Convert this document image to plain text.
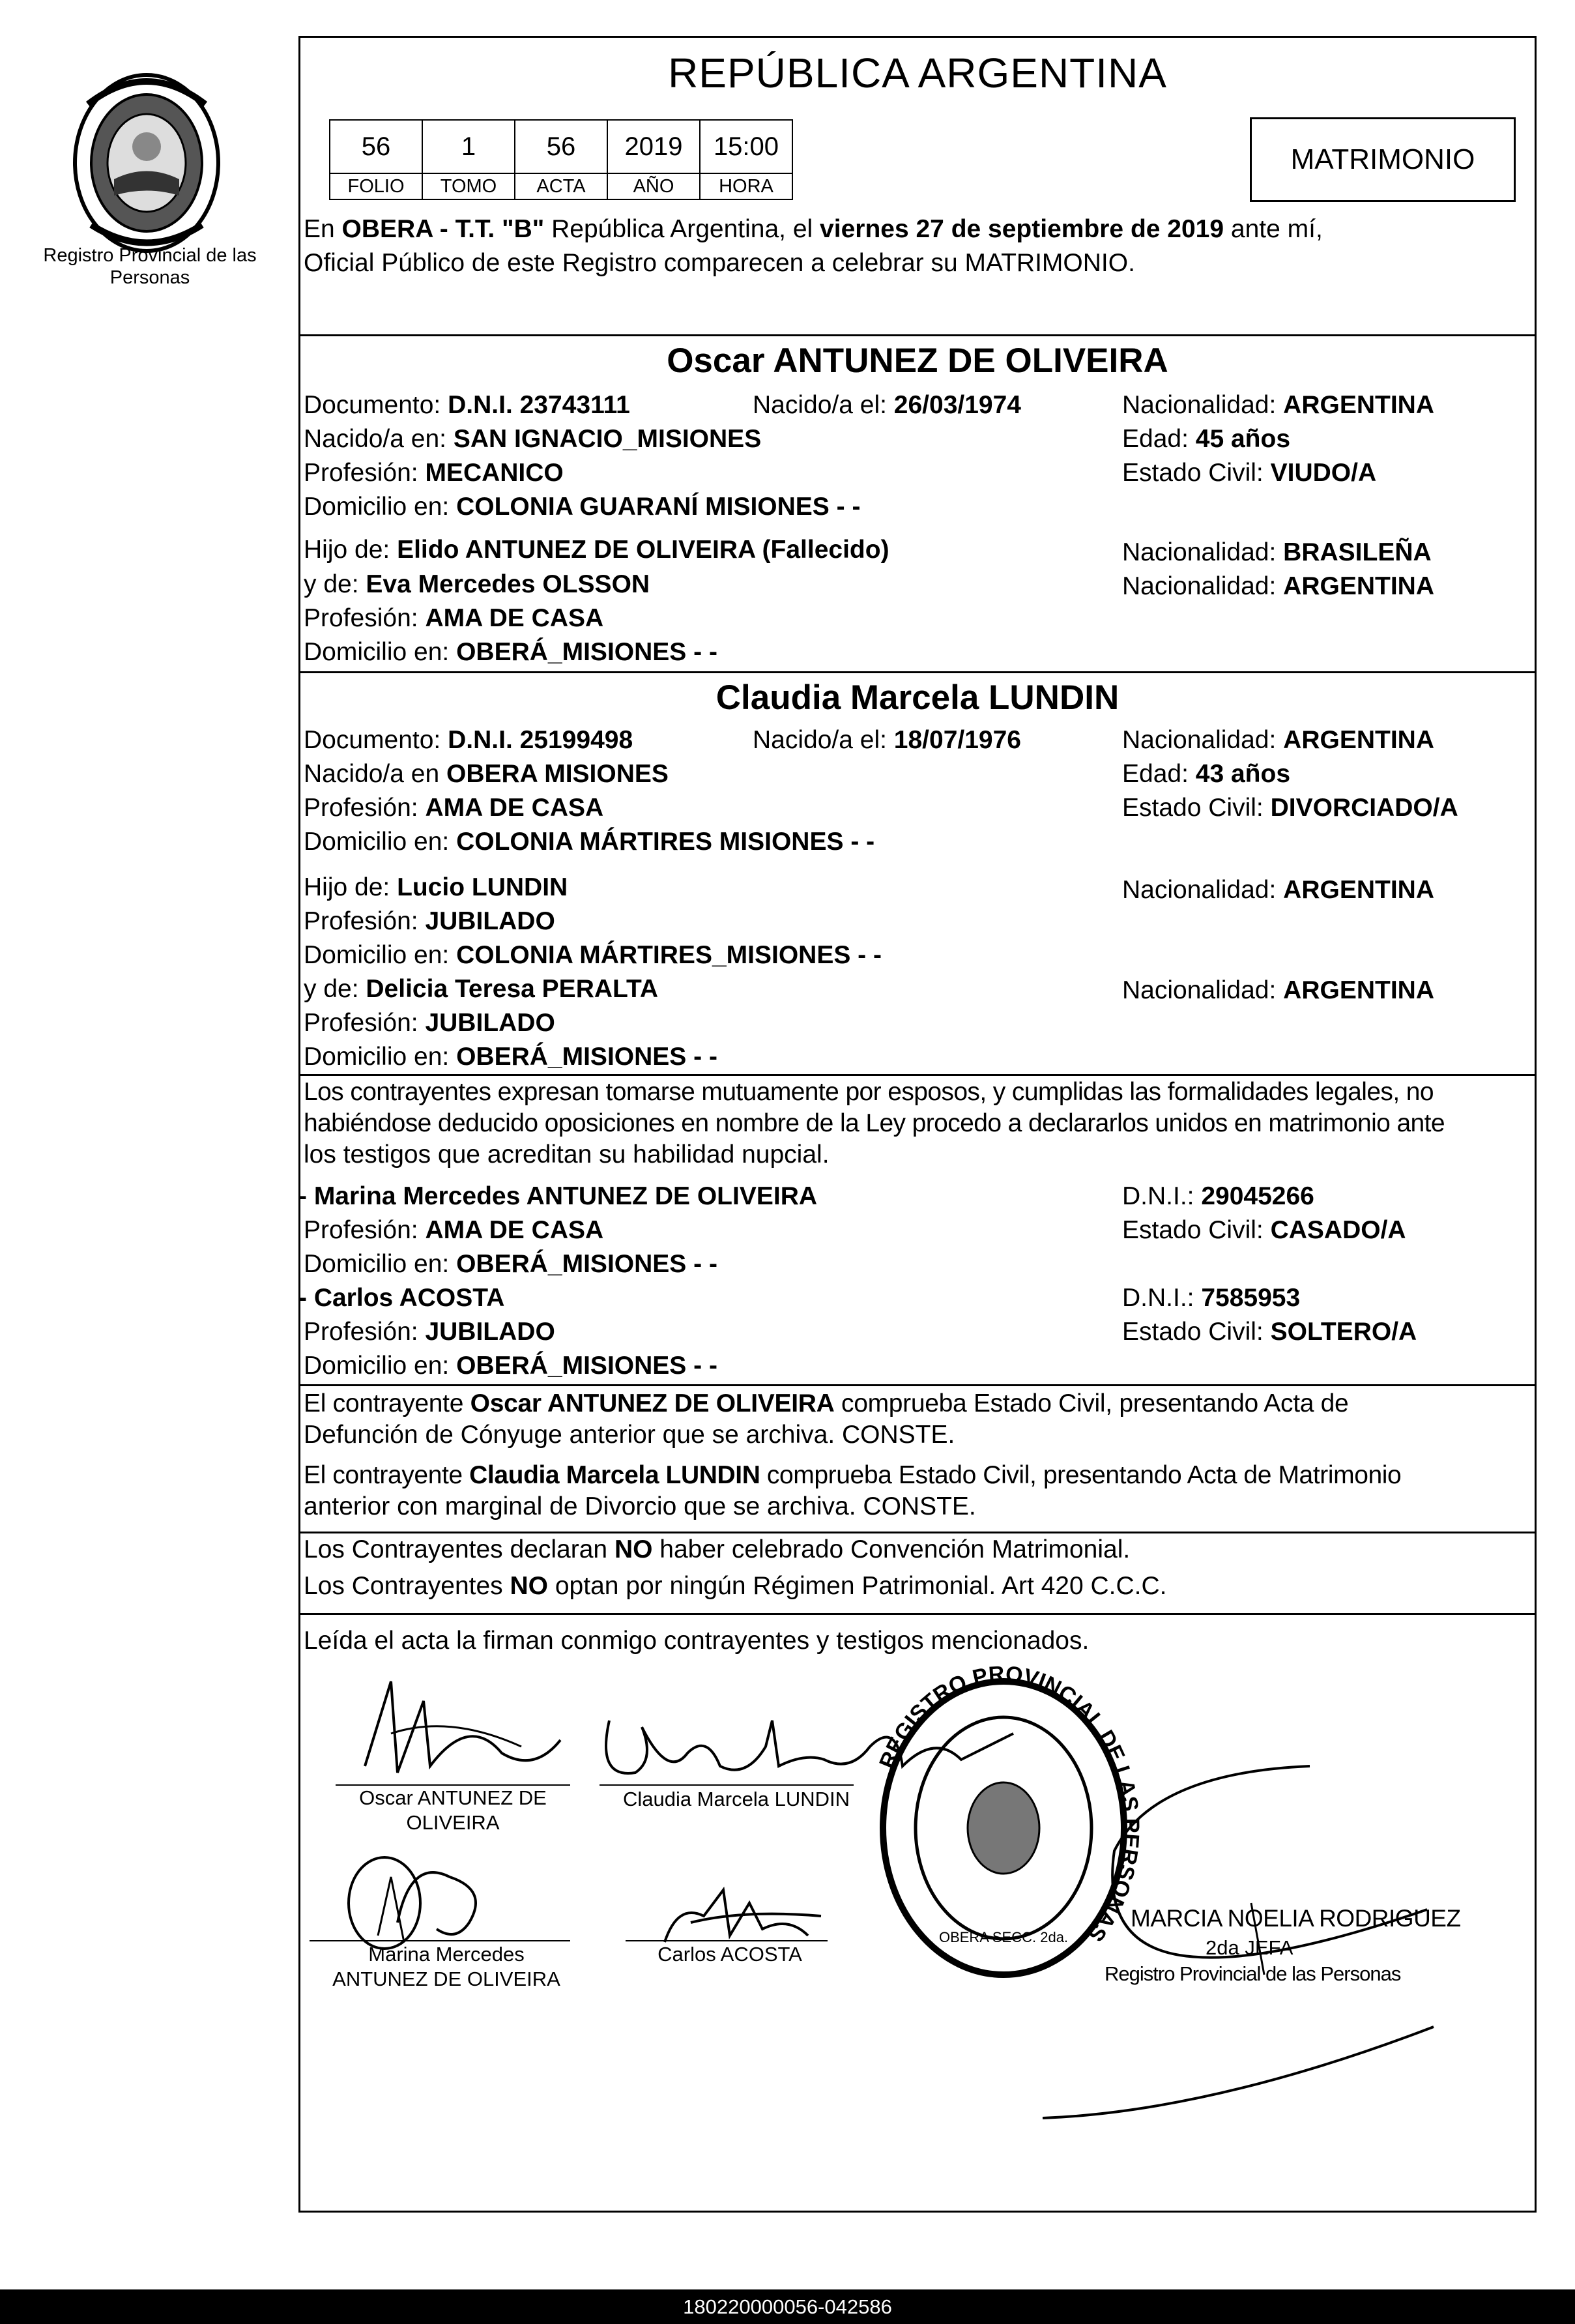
Registro Provincial de las Personas
REPÚBLICA ARGENTINA
56	1	56	2019	15:00
FOLIO	TOMO	ACTA	AÑO	HORA
MATRIMONIO
En OBERA - T.T. "B" República Argentina, el viernes 27 de septiembre de 2019 ante mí,
Oficial Público de este Registro comparecen a celebrar su MATRIMONIO.
Oscar ANTUNEZ DE OLIVEIRA
Documento: D.N.I. 23743111	Nacido/a el: 26/03/1974	Nacionalidad: ARGENTINA
Nacido/a en: SAN IGNACIO_MISIONES	Edad: 45 años
Profesión: MECANICO	Estado Civil: VIUDO/A
Domicilio en: COLONIA GUARANÍ MISIONES - -
Hijo de: Elido ANTUNEZ DE OLIVEIRA (Fallecido)	Nacionalidad: BRASILEÑA
y de: Eva Mercedes OLSSON	Nacionalidad: ARGENTINA
Profesión: AMA DE CASA
Domicilio en: OBERÁ_MISIONES - -
Claudia Marcela LUNDIN
Documento: D.N.I. 25199498	Nacido/a el: 18/07/1976	Nacionalidad: ARGENTINA
Nacido/a en OBERA MISIONES	Edad: 43 años
Profesión: AMA DE CASA	Estado Civil: DIVORCIADO/A
Domicilio en: COLONIA MÁRTIRES MISIONES - -
Hijo de: Lucio LUNDIN	Nacionalidad: ARGENTINA
Profesión: JUBILADO
Domicilio en: COLONIA MÁRTIRES_MISIONES - -
y de: Delicia Teresa PERALTA	Nacionalidad: ARGENTINA
Profesión: JUBILADO
Domicilio en: OBERÁ_MISIONES - -
Los contrayentes expresan tomarse mutuamente por esposos, y cumplidas las formalidades legales, no
habiéndose deducido oposiciones en nombre de la Ley procedo a declararlos unidos en matrimonio ante
los testigos que acreditan su habilidad nupcial.
- Marina Mercedes ANTUNEZ DE OLIVEIRA	D.N.I.: 29045266
Profesión: AMA DE CASA	Estado Civil: CASADO/A
Domicilio en: OBERÁ_MISIONES - -
- Carlos ACOSTA	D.N.I.: 7585953
Profesión: JUBILADO	Estado Civil: SOLTERO/A
Domicilio en: OBERÁ_MISIONES - -
El contrayente Oscar ANTUNEZ DE OLIVEIRA comprueba Estado Civil, presentando Acta de
Defunción de Cónyuge anterior que se archiva. CONSTE.
El contrayente Claudia Marcela LUNDIN comprueba Estado Civil, presentando Acta de Matrimonio
anterior con marginal de Divorcio que se archiva. CONSTE.
Los Contrayentes declaran NO haber celebrado Convención Matrimonial.
Los Contrayentes NO optan por ningún Régimen Patrimonial. Art 420 C.C.C.
Leída el acta la firman conmigo contrayentes y testigos mencionados.
Oscar ANTUNEZ DE
OLIVEIRA
Claudia Marcela LUNDIN
Marina Mercedes
ANTUNEZ DE OLIVEIRA
Carlos ACOSTA
REGISTRO PROVINCIAL DE LAS PERSONAS
OBERA SECC. 2da.
MARCIA NOELIA RODRIGUEZ
2da JEFA
Registro Provincial de las Personas
180220000056-042586
